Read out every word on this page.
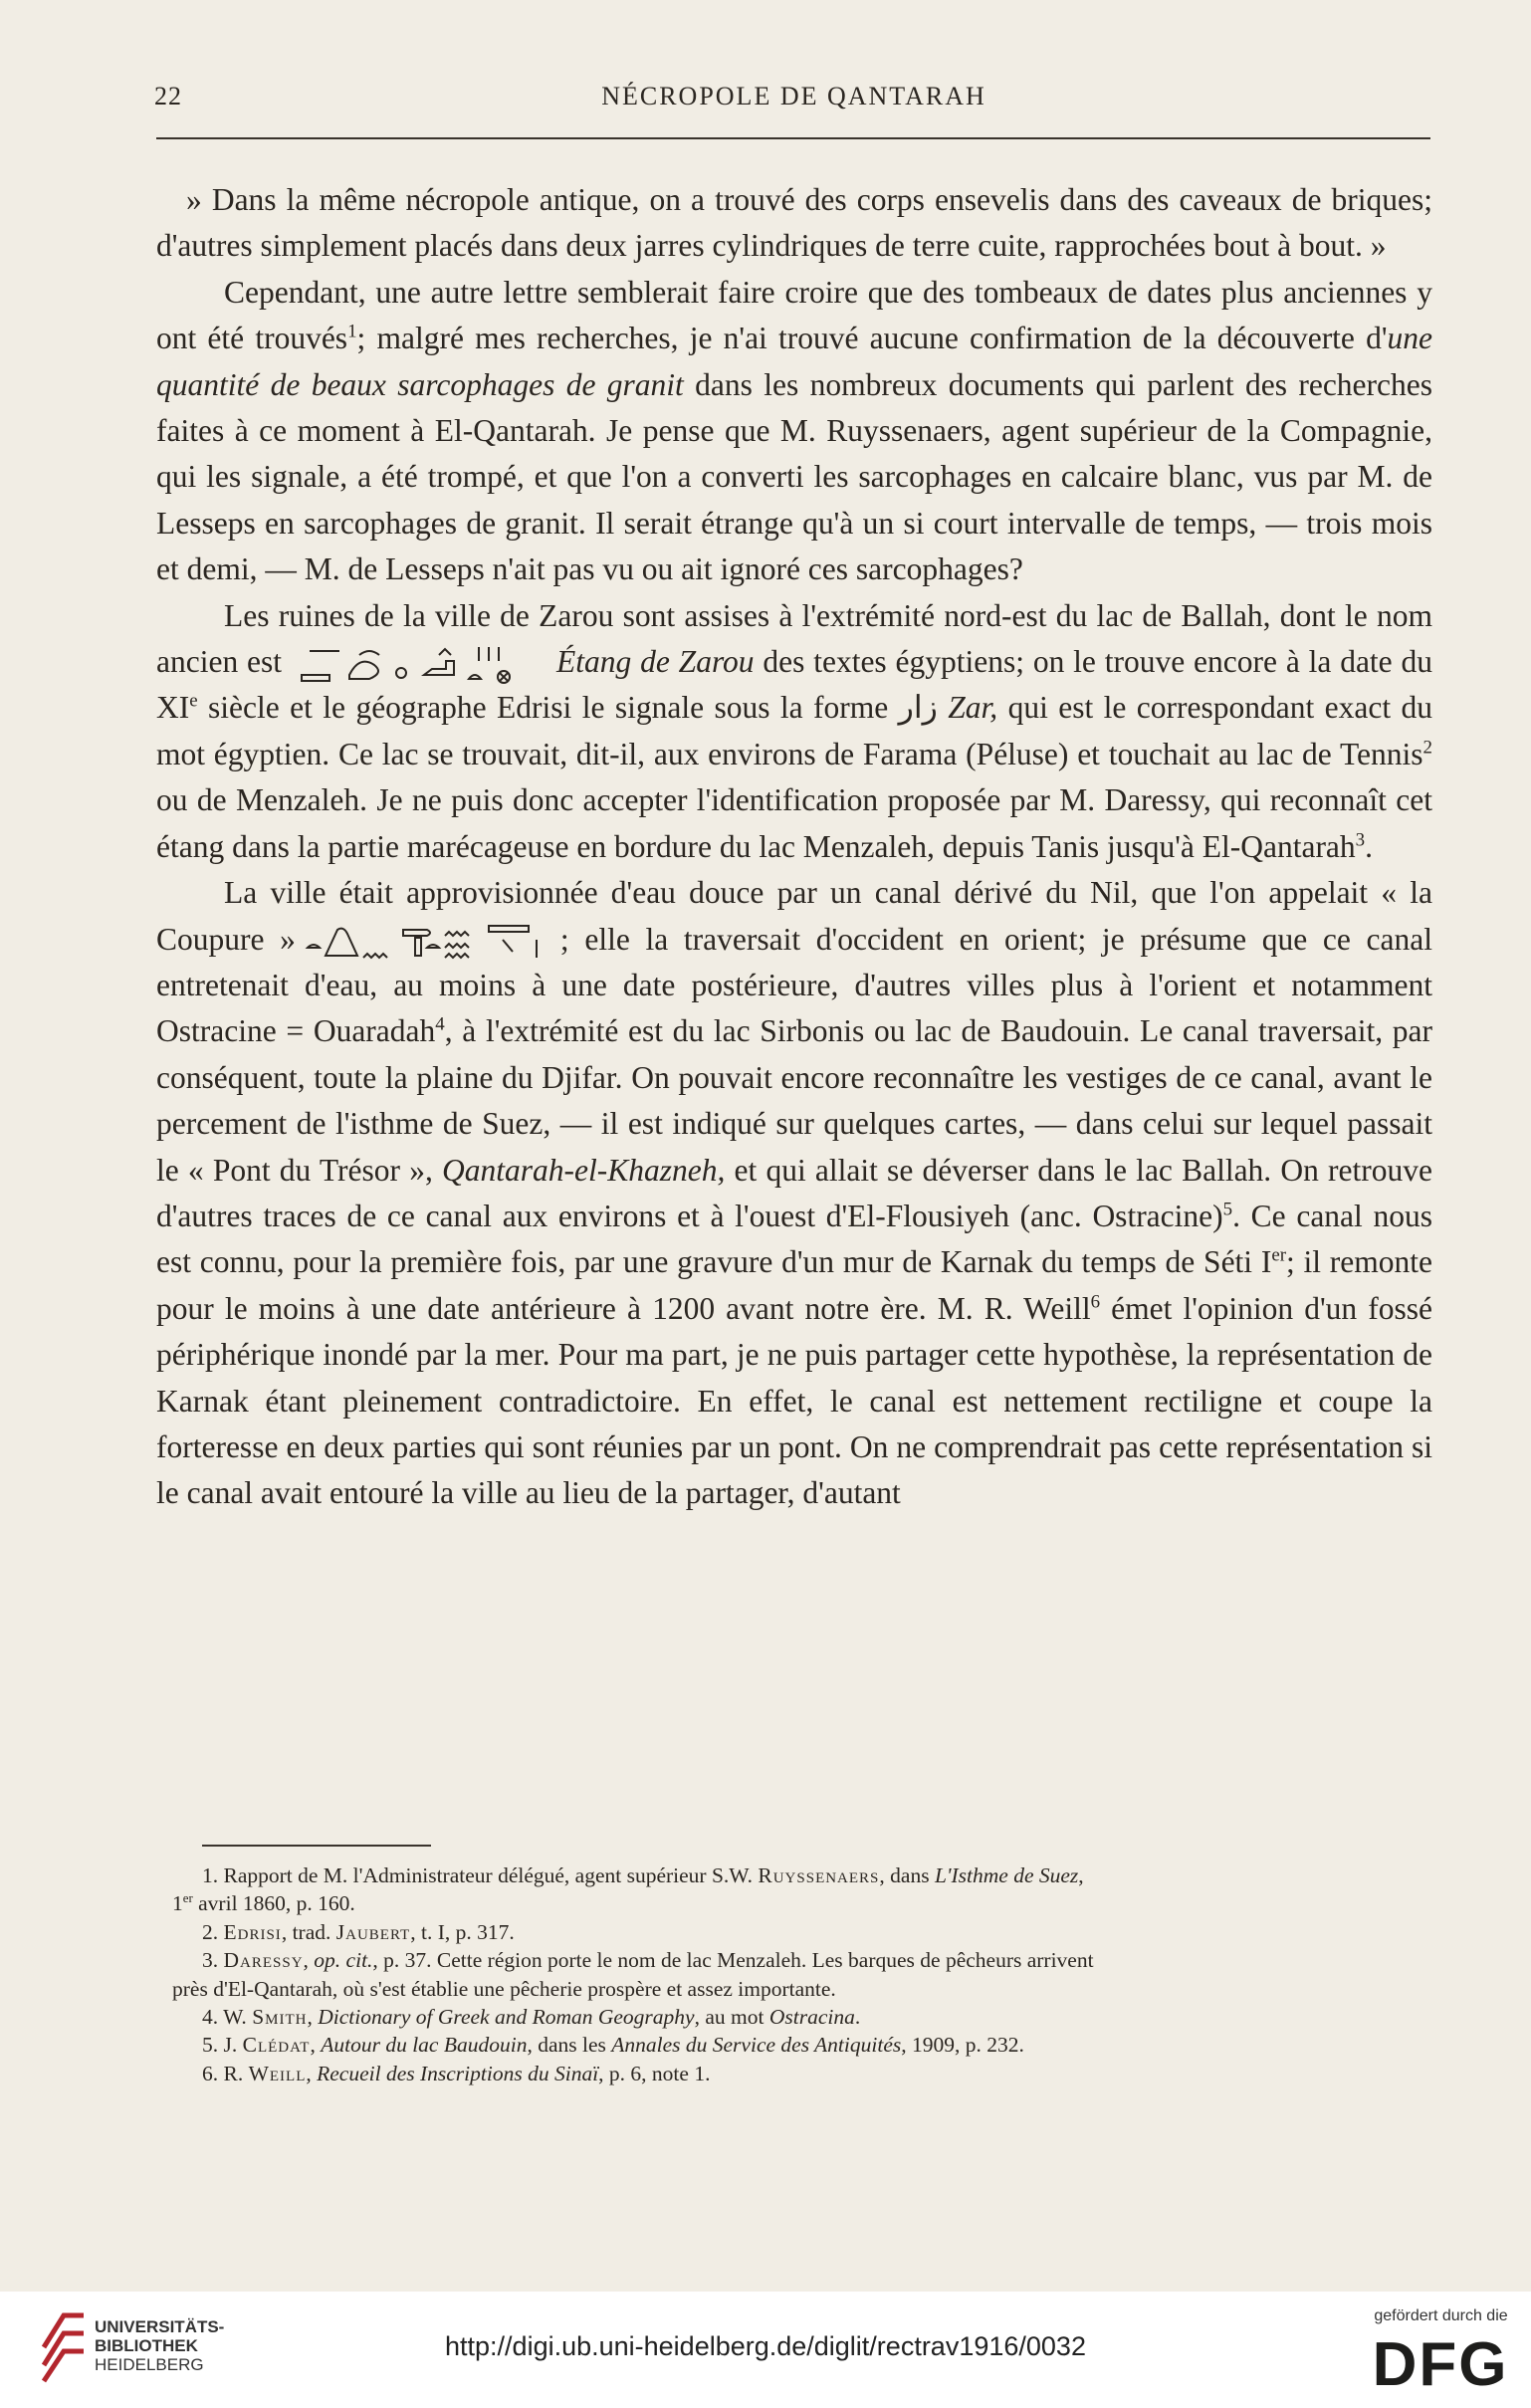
22	NÉCROPOLE DE QANTARAH

» Dans la même nécropole antique, on a trouvé des corps ensevelis dans des caveaux de briques; d'autres simplement placés dans deux jarres cylindriques de terre cuite, rapprochées bout à bout. »

Cependant, une autre lettre semblerait faire croire que des tombeaux de dates plus anciennes y ont été trouvés$^1$; malgré mes recherches, je n'ai trouvé aucune confirmation de la découverte d'une quantité de beaux sarcophages de granit dans les nombreux documents qui parlent des recherches faites à ce moment à El-Qantarah. Je pense que M. Ruyssenaers, agent supérieur de la Compagnie, qui les signale, a été trompé, et que l'on a converti les sarcophages en calcaire blanc, vus par M. de Lesseps en sarcophages de granit. Il serait étrange qu'à un si court intervalle de temps, — trois mois et demi, — M. de Lesseps n'ait pas vu ou ait ignoré ces sarcophages?

Les ruines de la ville de Zarou sont assises à l'extrémité nord-est du lac de Ballah, dont le nom ancien est	Étang de Zarou des textes égyptiens; on le trouve encore à la date du XIe siècle et le géographe Edrisi le signale sous la forme زار Zar, qui est le correspondant exact du mot égyptien. Ce lac se trouvait, dit-il, aux environs de Farama (Péluse) et touchait au lac de Tennis$^2$ ou de Menzaleh. Je ne puis donc accepter l'identification proposée par M. Daressy, qui reconnaît cet étang dans la partie marécageuse en bordure du lac Menzaleh, depuis Tanis jusqu'à El-Qantarah$^3$.

La ville était approvisionnée d'eau douce par un canal dérivé du Nil, que l'on appelait « la Coupure »	; elle la traversait d'occident en orient; je présume que ce canal entretenait d'eau, au moins à une date postérieure, d'autres villes plus à l'orient et notamment Ostracine = Ouaradah$^4$, à l'extrémité est du lac Sirbonis ou lac de Baudouin. Le canal traversait, par conséquent, toute la plaine du Djifar. On pouvait encore reconnaître les vestiges de ce canal, avant le percement de l'isthme de Suez, — il est indiqué sur quelques cartes, — dans celui sur lequel passait le « Pont du Trésor », Qantarah-el-Khazneh, et qui allait se déverser dans le lac Ballah. On retrouve d'autres traces de ce canal aux environs et à l'ouest d'El-Flousiyeh (anc. Ostracine)$^5$. Ce canal nous est connu, pour la première fois, par une gravure d'un mur de Karnak du temps de Séti Ier; il remonte pour le moins à une date antérieure à 1200 avant notre ère. M. R. Weill$^6$ émet l'opinion d'un fossé périphérique inondé par la mer. Pour ma part, je ne puis partager cette hypothèse, la représentation de Karnak étant pleinement contradictoire. En effet, le canal est nettement rectiligne et coupe la forteresse en deux parties qui sont réunies par un pont. On ne comprendrait pas cette représentation si le canal avait entouré la ville au lieu de la partager, d'autant

1. Rapport de M. l'Administrateur délégué, agent supérieur S.W. Ruyssenaers, dans L'Isthme de Suez,

1er avril 1860, p. 160.

2. Edrisi, trad. Jaubert, t. I, p. 317.

3. Daressy, op. cit., p. 37. Cette région porte le nom de lac Menzaleh. Les barques de pêcheurs arrivent

près d'El-Qantarah, où s'est établie une pêcherie prospère et assez importante.

4. W. Smith, Dictionary of Greek and Roman Geography, au mot Ostracina.

5. J. Clédat, Autour du lac Baudouin, dans les Annales du Service des Antiquités, 1909, p. 232.

6. R. Weill, Recueil des Inscriptions du Sinaï, p. 6, note 1.

UNIVERSITÄTS-
BIBLIOTHEK
HEIDELBERG
http://digi.ub.uni-heidelberg.de/diglit/rectrav1916/0032
gefördert durch die
DFG
